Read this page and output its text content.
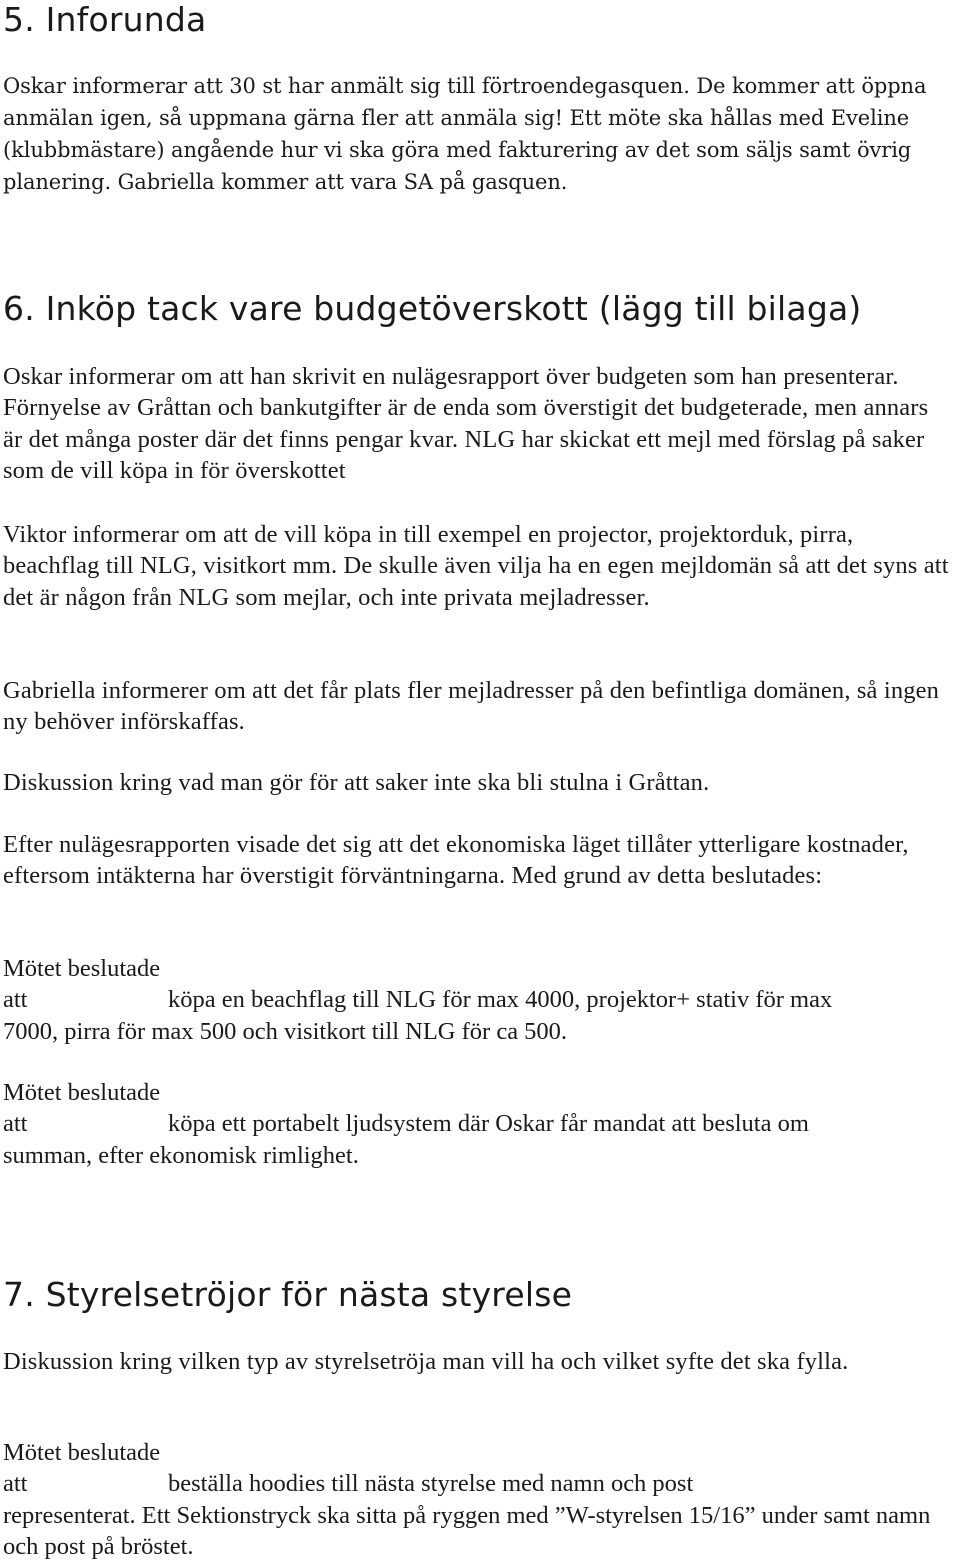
5. Inforunda

Oskar informerar att 30 st har anmält sig till förtroendegasquen. De kommer att öppna anmälan igen, så uppmana gärna fler att anmäla sig! Ett möte ska hållas med Eveline (klubbmästare) angående hur vi ska göra med fakturering av det som säljs samt övrig planering. Gabriella kommer att vara SA på gasquen.

6. Inköp tack vare budgetöverskott (lägg till bilaga)

Oskar informerar om att han skrivit en nulägesrapport över budgeten som han presenterar. Förnyelse av Gråttan och bankutgifter är de enda som överstigit det budgeterade, men annars är det många poster där det finns pengar kvar. NLG har skickat ett mejl med förslag på saker som de vill köpa in för överskottet

Viktor informerar om att de vill köpa in till exempel en projector, projektorduk, pirra, beachflag till NLG, visitkort mm. De skulle även vilja ha en egen mejldomän så att det syns att det är någon från NLG som mejlar, och inte privata mejladresser.

Gabriella informerer om att det får plats fler mejladresser på den befintliga domänen, så ingen ny behöver införskaffas.

Diskussion kring vad man gör för att saker inte ska bli stulna i Gråttan.

Efter nulägesrapporten visade det sig att det ekonomiska läget tillåter ytterligare kostnader, eftersom intäkterna har överstigit förväntningarna. Med grund av detta beslutades:

Mötet beslutade
att	köpa en beachflag till NLG för max 4000, projektor+ stativ för max
7000, pirra för max 500 och visitkort till NLG för ca 500.
Mötet beslutade
att	köpa ett portabelt ljudsystem där Oskar får mandat att besluta om
summan, efter ekonomisk rimlighet.
7. Styrelsetröjor för nästa styrelse

Diskussion kring vilken typ av styrelsetröja man vill ha och vilket syfte det ska fylla.

Mötet beslutade
att	beställa hoodies till nästa styrelse med namn och post
representerat. Ett Sektionstryck ska sitta på ryggen med ”W-styrelsen 15/16” under samt namn och post på bröstet.
